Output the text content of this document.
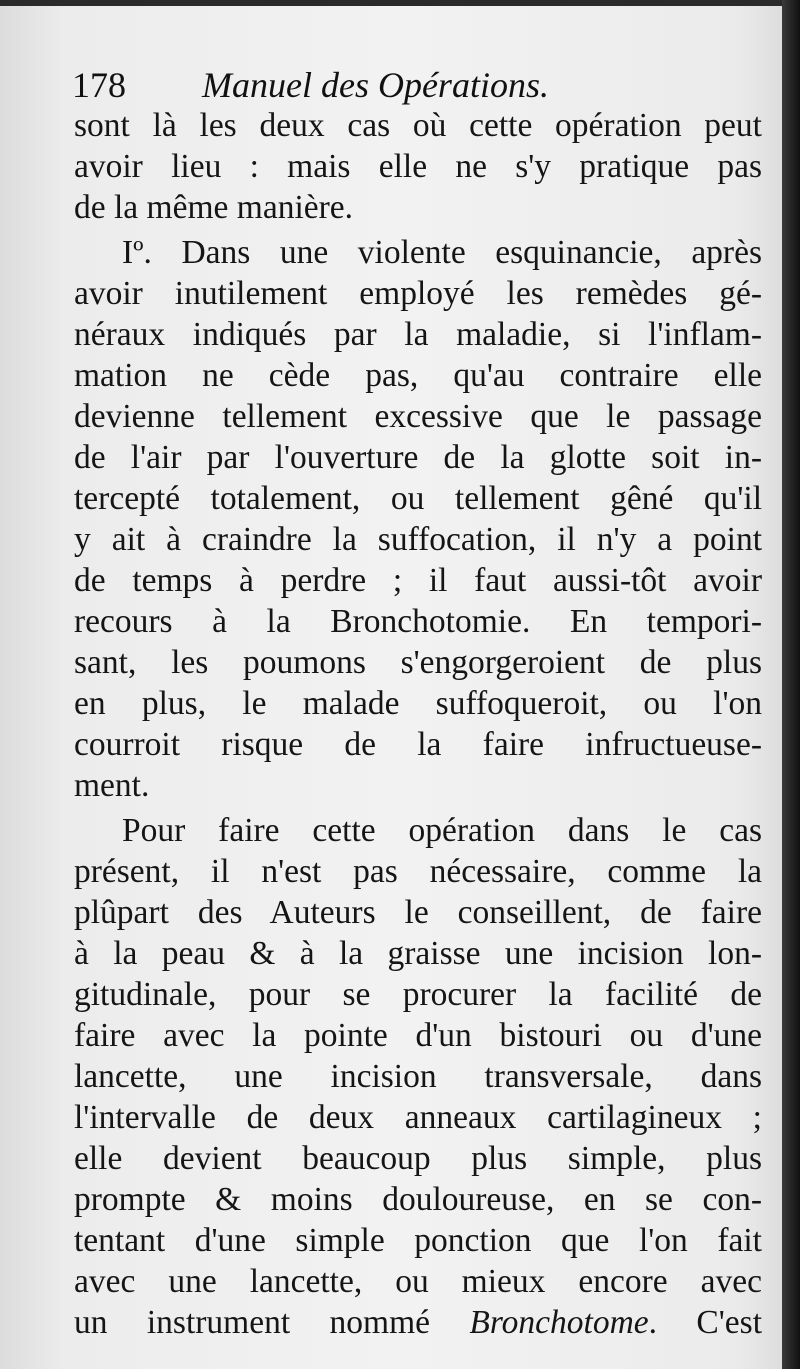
178 Manuel des Opérations.
sont là les deux cas où cette opération peut
avoir lieu : mais elle ne s'y pratique pas
de la même manière.
Iº. Dans une violente esquinancie, après
avoir inutilement employé les remèdes gé-
néraux indiqués par la maladie, si l'inflam-
mation ne cède pas, qu'au contraire elle
devienne tellement excessive que le passage
de l'air par l'ouverture de la glotte soit in-
tercepté totalement, ou tellement gêné qu'il
y ait à craindre la suffocation, il n'y a point
de temps à perdre ; il faut aussi-tôt avoir
recours à la Bronchotomie. En tempori-
sant, les poumons s'engorgeroient de plus
en plus, le malade suffoqueroit, ou l'on
courroit risque de la faire infructueuse-
ment.
Pour faire cette opération dans le cas
présent, il n'est pas nécessaire, comme la
plûpart des Auteurs le conseillent, de faire
à la peau & à la graisse une incision lon-
gitudinale, pour se procurer la facilité de
faire avec la pointe d'un bistouri ou d'une
lancette, une incision transversale, dans
l'intervalle de deux anneaux cartilagineux ;
elle devient beaucoup plus simple, plus
prompte & moins douloureuse, en se con-
tentant d'une simple ponction que l'on fait
avec une lancette, ou mieux encore avec
un instrument nommé Bronchotome. C'est
